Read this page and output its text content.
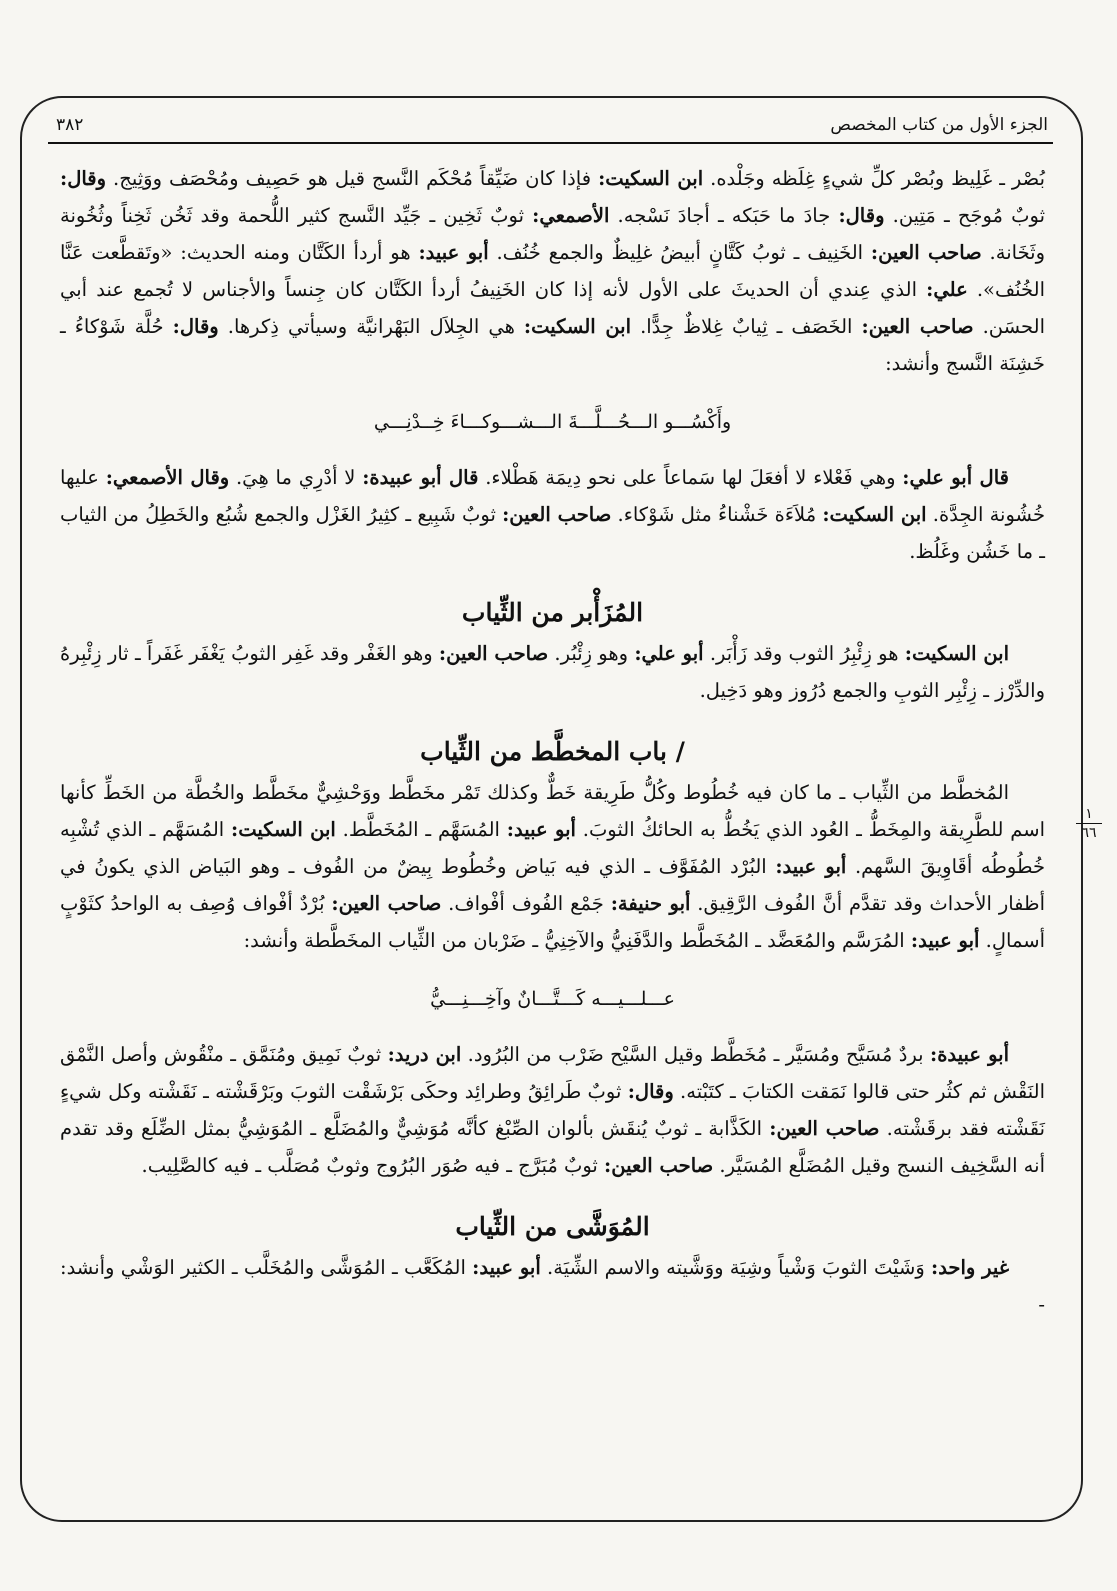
٣٨٢	الجزء الأول من كتاب المخصص
١
٦٦

بُصْر ـ غَلِيظ وبُصْر كلِّ شيءٍ غِلَظه وجَلْده. ابن السكيت: فإذا كان ضَيِّقاً مُحْكَم النَّسج قيل هو حَصِيف ومُحْصَف ووَثِيج. وقال: ثوبٌ مُوجَح ـ مَتِين. وقال: جادَ ما حَبَكه ـ أجادَ نَسْجه. الأصمعي: ثوبٌ ثَخِين ـ جَيِّد النَّسج كثير اللُّحمة وقد ثَخُن ثَخِناً وثُخُونة وثَخَانة. صاحب العين: الخَنِيف ـ ثوبُ كَتَّانٍ أبيضُ غلِيظٌ والجمع خُنُف. أبو عبيد: هو أردأ الكَتَّان ومنه الحديث: «وتَقطَّعت عَنَّا الخُنُف». علي: الذي عِندي أن الحديثَ على الأول لأنه إذا كان الخَنِيفُ أردأ الكَتَّان كان جِنساً والأجناس لا تُجمع عند أبي الحسَن. صاحب العين: الخَصَف ـ ثِيابٌ غِلاظٌ جِدًّا. ابن السكيت: هي الجِلاَل البَهْرانيَّة وسيأتي ذِكرها. وقال: حُلَّة شَوْكاءُ ـ خَشِنَة النَّسج وأنشد:

وأَكْسُـــو الـــحُـــلَّـــةَ الـــشـــوكـــاءَ خِــدْنِـــي

قال أبو علي: وهي فَعْلاء لا أفعَلَ لها سَماعاً على نحو دِيمَة هَطْلاء. قال أبو عبيدة: لا أدْرِي ما هِيَ. وقال الأصمعي: عليها خُشُونة الجِدَّة. ابن السكيت: مُلاَءَة خَشْناءُ مثل شَوْكاء. صاحب العين: ثوبٌ شَبِيع ـ كثِيرُ الغَزْل والجمع شُبُع والخَطِلُ من الثياب ـ ما خَشُن وغَلُظ.

المُزَأْبر من الثِّياب

ابن السكيت: هو زِئْبِرُ الثوب وقد زَأْبَر. أبو علي: وهو زِئْبُر. صاحب العين: وهو الغَفْر وقد غَفِر الثوبُ يَغْفَر غَفَراً ـ ثار زِئْبِرهُ والدِّرْز ـ زِئْبِر الثوبِ والجمع دُرُوز وهو دَخِيل.

/ باب المخطَّط من الثِّياب

المُخطَّط من الثِّياب ـ ما كان فيه خُطُوط وكُلُّ طَرِيقة خَطٌّ وكذلك تَمْر مخَطَّط ووَحْشِيٌّ مخَطَّط والخُطَّة من الخَطِّ كأنها اسم للطَّرِيقة والمِخَطُّ ـ العُود الذي يَخُطُّ به الحائكُ الثوبَ. أبو عبيد: المُسَهَّم ـ المُخَطَّط. ابن السكيت: المُسَهَّم ـ الذي تُشْبِه خُطُوطُه أقَاوِيقَ السَّهم. أبو عبيد: البُرْد المُفَوَّف ـ الذي فيه بَياض وخُطُوط بِيضٌ من الفُوف ـ وهو البَياض الذي يكونُ في أظفار الأحداث وقد تقدَّم أنَّ الفُوف الرَّقِيق. أبو حنيفة: جَمْع الفُوف أفْواف. صاحب العين: بُرْدٌ أفْواف وُصِف به الواحدُ كثَوْبٍ أسمالٍ. أبو عبيد: المُرَسَّم والمُعَضَّد ـ المُخَطَّط والدَّفَنِيُّ والآخِنِيُّ ـ ضَرْبان من الثِّياب المخَطَّطة وأنشد:

عـــلـــيـــه كَـــتَّـــانٌ وآخِـــنِـــيُّ

أبو عبيدة: بردٌ مُسَيَّح ومُسَيَّر ـ مُخَطَّط وقيل السَّيْح ضَرْب من البُرُود. ابن دريد: ثوبٌ نَمِيق ومُنَمَّق ـ منْقُوش وأصل النَّمْق النَقْش ثم كثُر حتى قالوا نَمَقت الكتابَ ـ كتَبْته. وقال: ثوبٌ طَرائِقُ وطرائِد وحكَى بَرْشَقْت الثوبَ وبَرْقَشْته ـ نَقَشْته وكل شيءٍ نَقَشْته فقد برقَشْته. صاحب العين: الكَذَّابة ـ ثوبٌ يُنقَش بألوان الصِّبْغ كأنَّه مُوَشِيٌّ والمُضَلَّع ـ المُوَشِيُّ بمثل الضِّلَع وقد تقدم أنه السَّخِيف النسج وقيل المُضَلَّع المُسَيَّر. صاحب العين: ثوبٌ مُبَرَّج ـ فيه صُوَر البُرُوج وثوبٌ مُصَلَّب ـ فيه كالصَّلِيب.

المُوَشَّى من الثِّياب

غير واحد: وَشَيْتَ الثوبَ وَشْياً وشِيَة ووَشَّيته والاسم الشِّيَة. أبو عبيد: المُكَعَّب ـ المُوَشَّى والمُخَلَّب ـ الكثير الوَشْي وأنشد: -
